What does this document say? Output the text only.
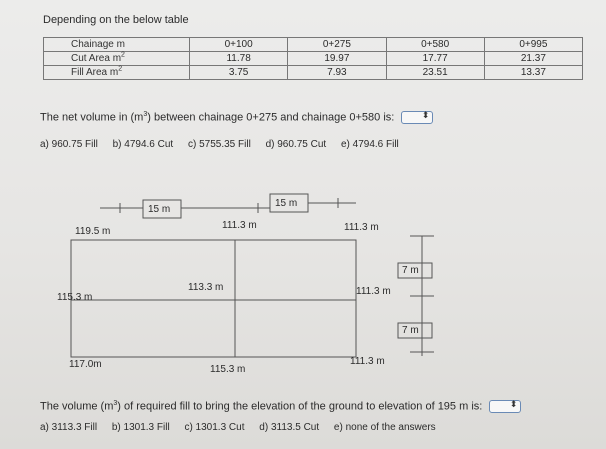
Depending on the below table
Chainage m	0+100	0+275	0+580	0+995
Cut Area $m^2$	11.78	19.97	17.77	21.37
Fill Area $m^2$	3.75	7.93	23.51	13.37
The net volume in $(m^3)$ between chainage 0+275 and chainage 0+580 is:	⬍
a) 960.75 Fill b) 4794.6 Cut c) 5755.35 Fill d) 960.75 Cut e) 4794.6 Fill
15 m
15 m
119.5 m
111.3 m	111.3 m
115.3 m
113.3 m	111.3 m
7 m
7 m
117.0m	115.3 m
111.3 m
The volume $(m^3)$ of required fill to bring the elevation of the ground to elevation of 195 m is:	⬍
a) 3113.3 Fill b) 1301.3 Fill c) 1301.3 Cut d) 3113.5 Cut e) none of the answers
